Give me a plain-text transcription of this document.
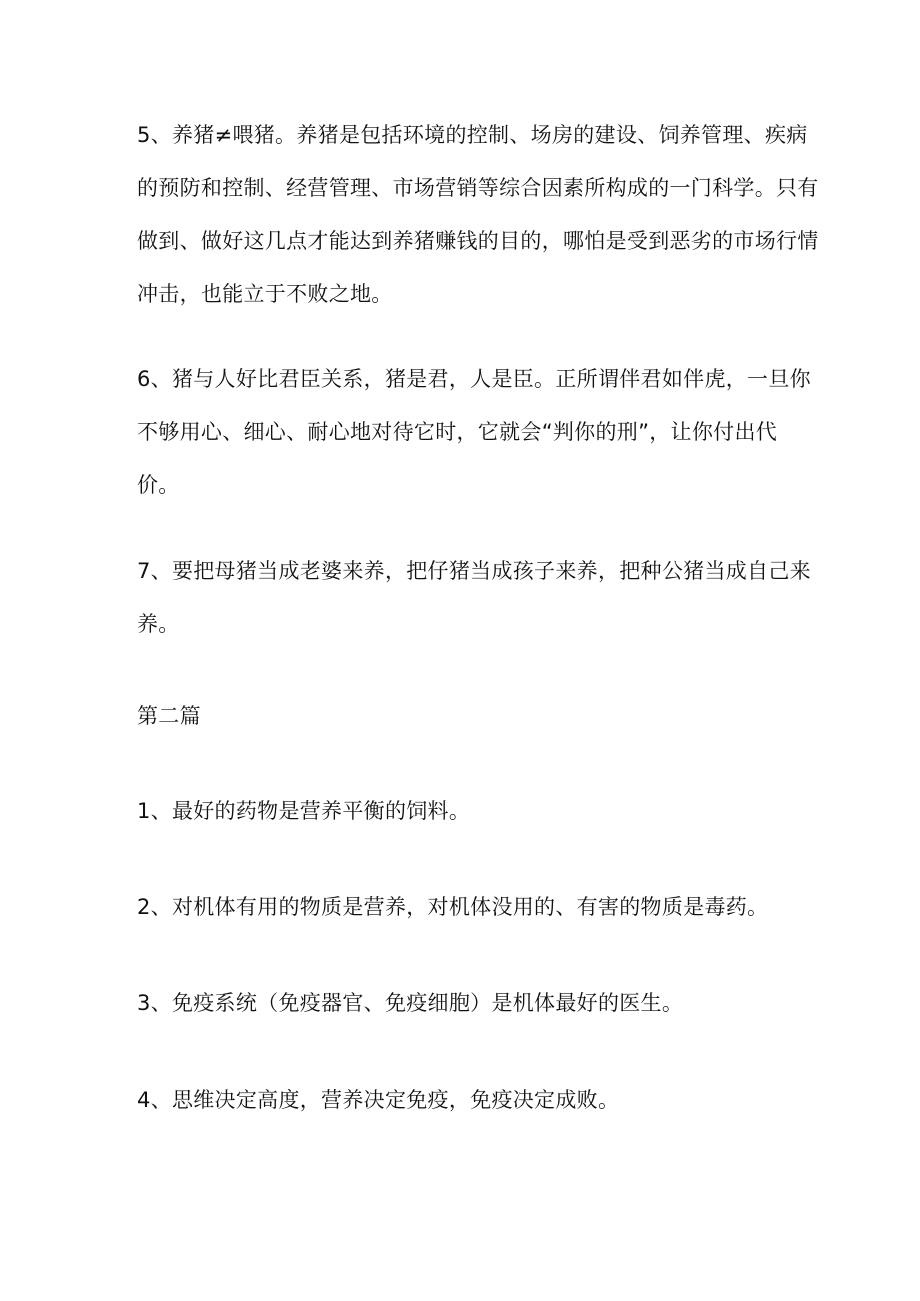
5、养猪≠喂猪。养猪是包括环境的控制、场房的建设、饲养管理、疾病
的预防和控制、经营管理、市场营销等综合因素所构成的一门科学。只有
做到、做好这几点才能达到养猪赚钱的目的，哪怕是受到恶劣的市场行情
冲击，也能立于不败之地。
6、猪与人好比君臣关系，猪是君，人是臣。正所谓伴君如伴虎，一旦你
不够用心、细心、耐心地对待它时，它就会“判你的刑”，让你付出代
价。
7、要把母猪当成老婆来养，把仔猪当成孩子来养，把种公猪当成自己来
养。
第二篇
1、最好的药物是营养平衡的饲料。
2、对机体有用的物质是营养，对机体没用的、有害的物质是毒药。
3、免疫系统（免疫器官、免疫细胞）是机体最好的医生。
4、思维决定高度，营养决定免疫，免疫决定成败。
